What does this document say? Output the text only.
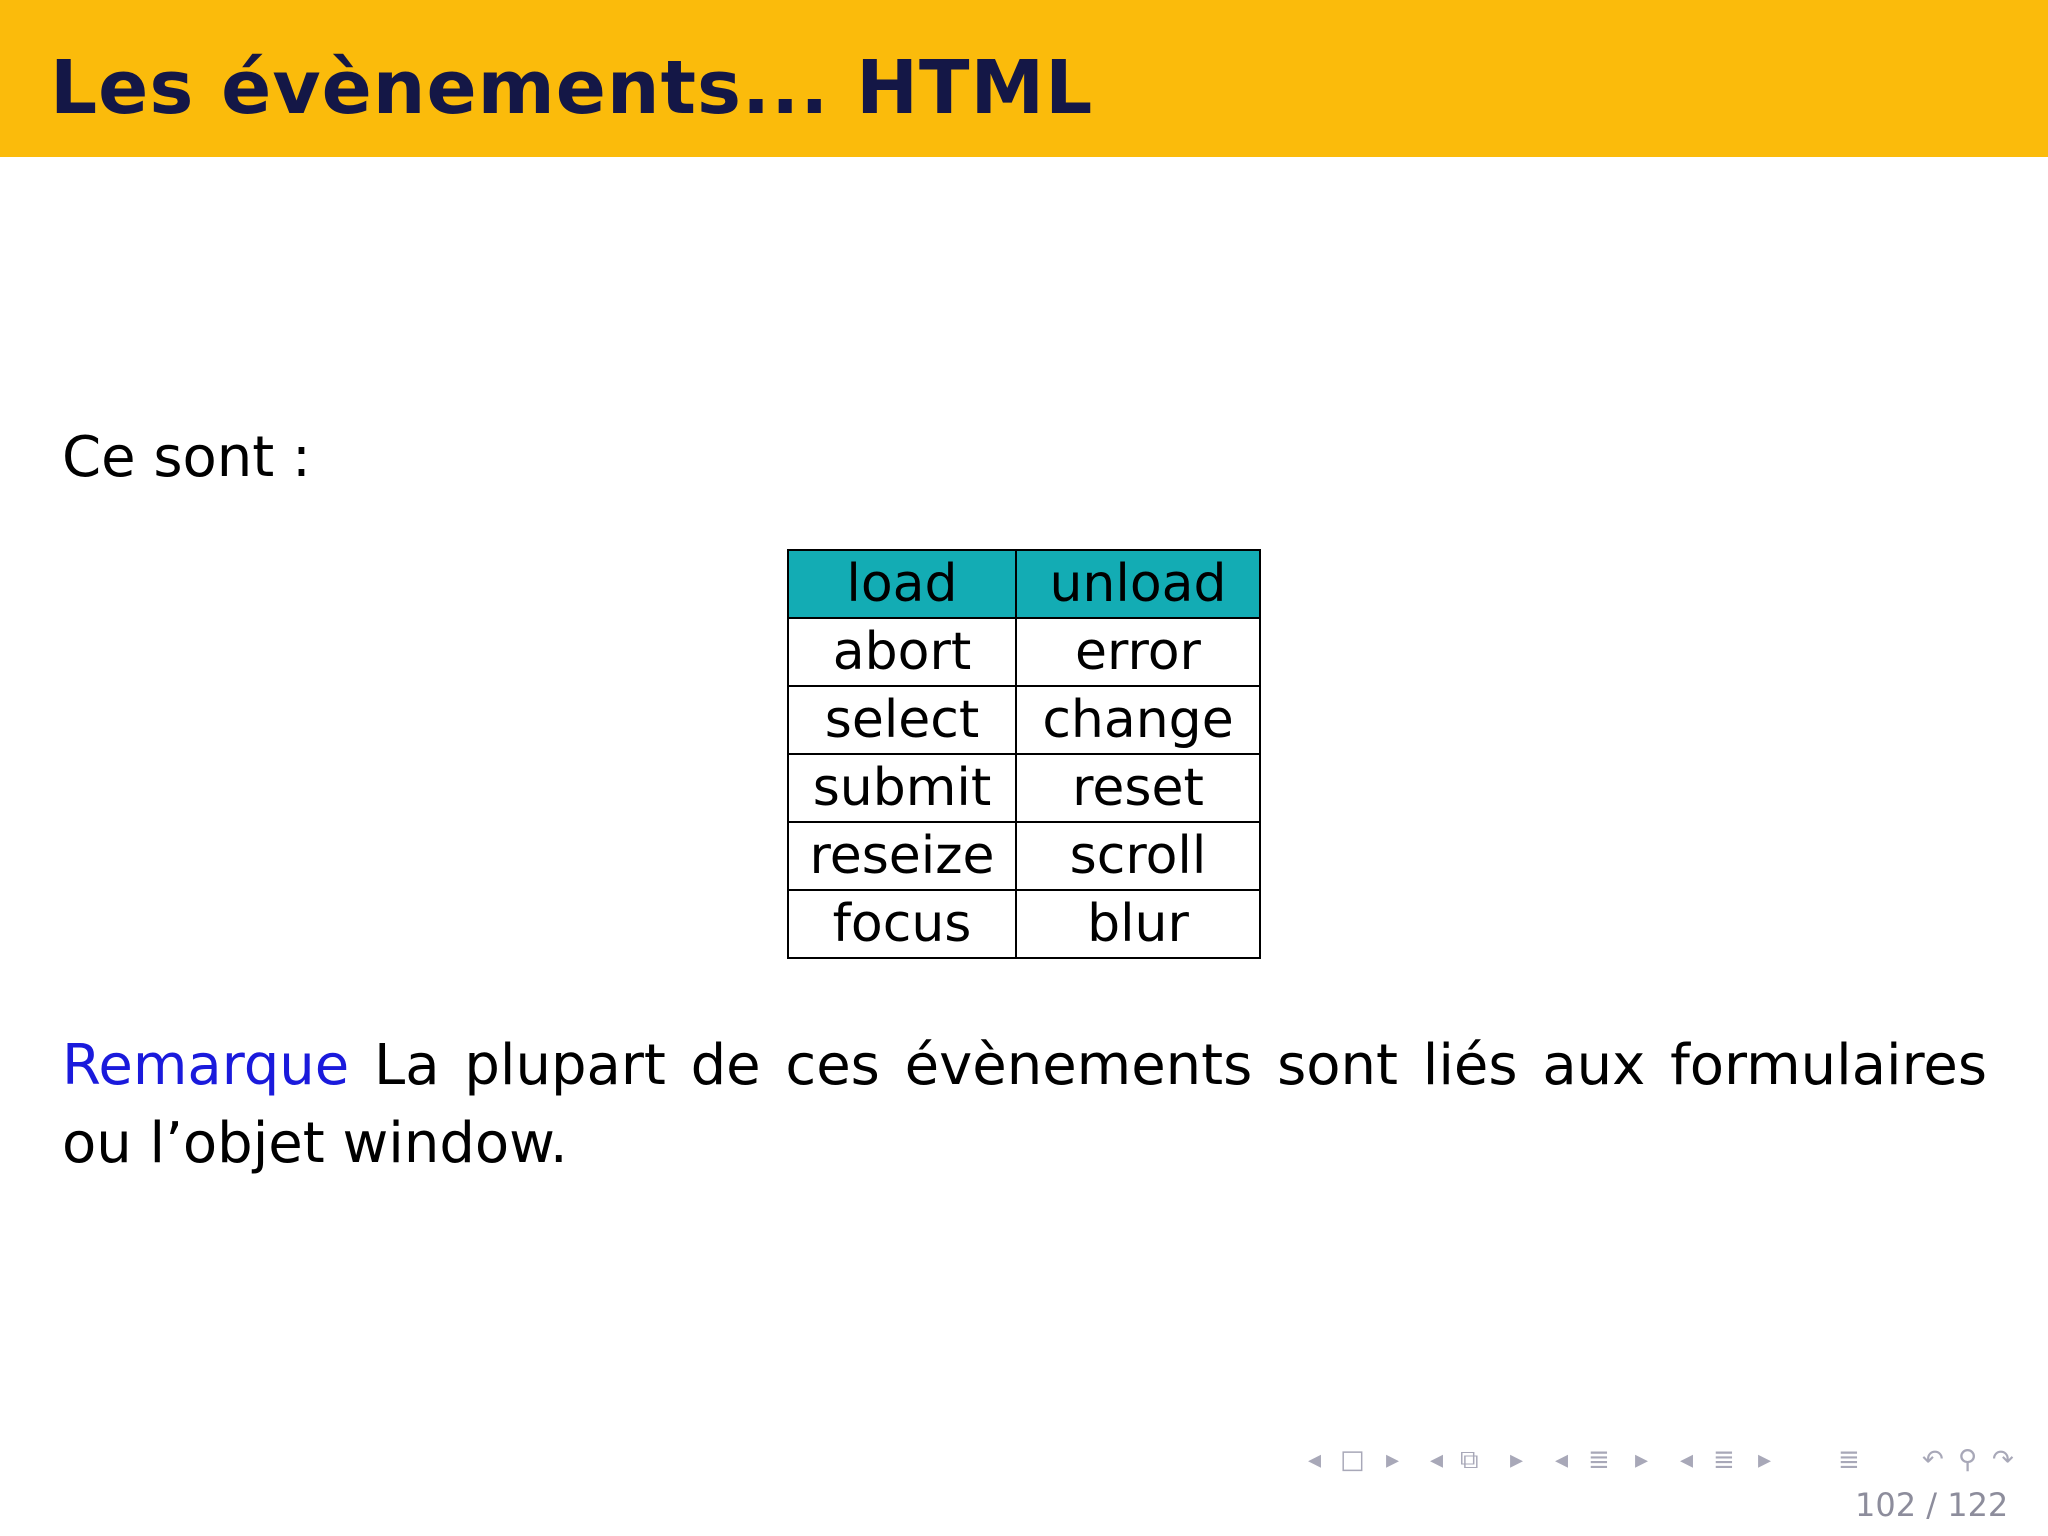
Les évènements... HTML
Ce sont :
load	unload
abort	error
select	change
submit	reset
reseize	scroll
focus	blur
Remarque La plupart de ces évènements sont liés aux formulaires ou l’objet window.
◂ □ ▸ ◂ ⧉ ▸ ◂ ≣ ▸ ◂ ≣ ▸	≣ ↶ ⚲ ↷
102 / 122
